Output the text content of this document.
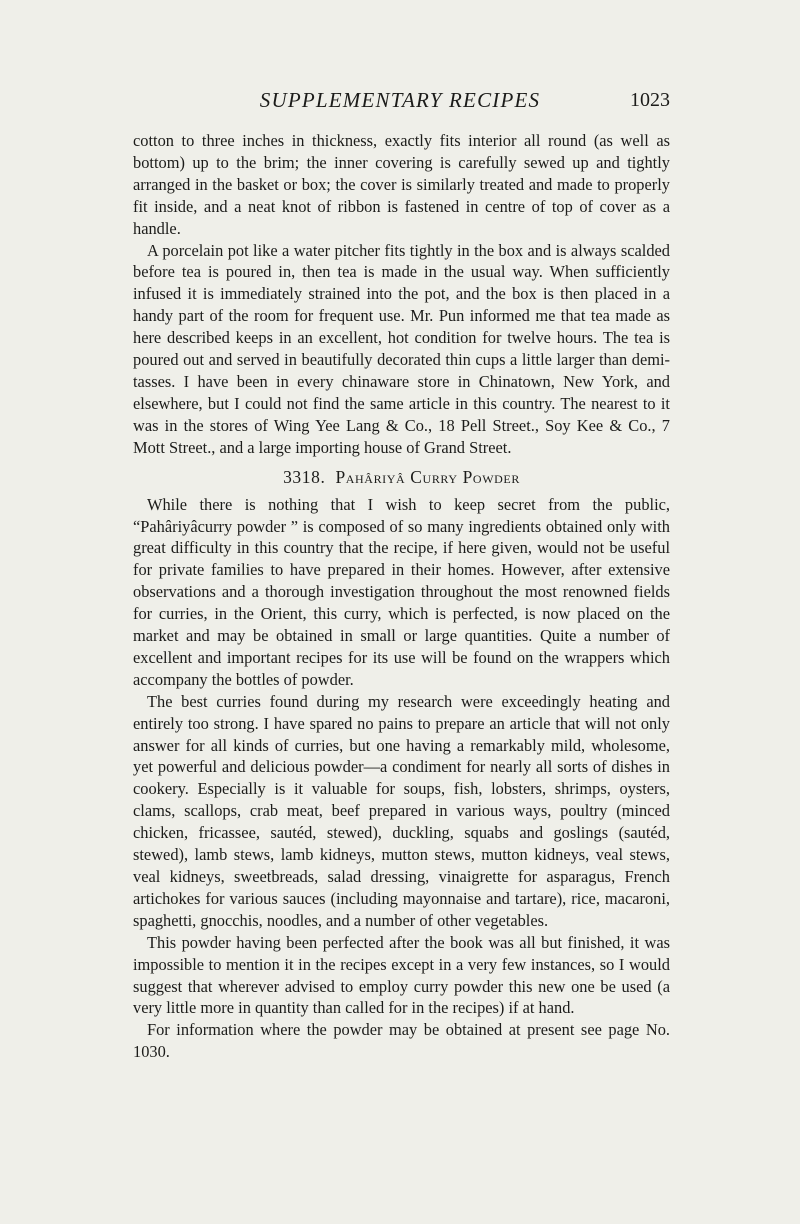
SUPPLEMENTARY RECIPES	1023

cotton to three inches in thickness, exactly fits interior all round (as well as bottom) up to the brim; the inner covering is carefully sewed up and tightly arranged in the basket or box; the cover is similarly treated and made to properly fit inside, and a neat knot of ribbon is fastened in centre of top of cover as a handle.

A porcelain pot like a water pitcher fits tightly in the box and is always scalded before tea is poured in, then tea is made in the usual way. When sufficiently infused it is immediately strained into the pot, and the box is then placed in a handy part of the room for frequent use. Mr. Pun informed me that tea made as here described keeps in an excellent, hot condition for twelve hours. The tea is poured out and served in beautifully decorated thin cups a little larger than demi-tasses. I have been in every chinaware store in Chinatown, New York, and elsewhere, but I could not find the same article in this country. The nearest to it was in the stores of Wing Yee Lang & Co., 18 Pell Street., Soy Kee & Co., 7 Mott Street., and a large importing house of Grand Street.

3318. Pahâriyâ Curry Powder

While there is nothing that I wish to keep secret from the public, “Pahâriyâcurry powder ” is composed of so many ingredients obtained only with great difficulty in this country that the recipe, if here given, would not be useful for private families to have prepared in their homes. However, after extensive observations and a thorough investigation throughout the most renowned fields for curries, in the Orient, this curry, which is perfected, is now placed on the market and may be obtained in small or large quantities. Quite a number of excellent and important recipes for its use will be found on the wrappers which accompany the bottles of powder.

The best curries found during my research were exceedingly heating and entirely too strong. I have spared no pains to prepare an article that will not only answer for all kinds of curries, but one having a remarkably mild, wholesome, yet powerful and delicious powder—a condiment for nearly all sorts of dishes in cookery. Especially is it valuable for soups, fish, lobsters, shrimps, oysters, clams, scallops, crab meat, beef prepared in various ways, poultry (minced chicken, fricassee, sautéd, stewed), duckling, squabs and goslings (sautéd, stewed), lamb stews, lamb kidneys, mutton stews, mutton kidneys, veal stews, veal kidneys, sweetbreads, salad dressing, vinaigrette for asparagus, French artichokes for various sauces (including mayonnaise and tartare), rice, macaroni, spaghetti, gnocchis, noodles, and a number of other vegetables.

This powder having been perfected after the book was all but finished, it was impossible to mention it in the recipes except in a very few instances, so I would suggest that wherever advised to employ curry powder this new one be used (a very little more in quantity than called for in the recipes) if at hand.

For information where the powder may be obtained at present see page No. 1030.
